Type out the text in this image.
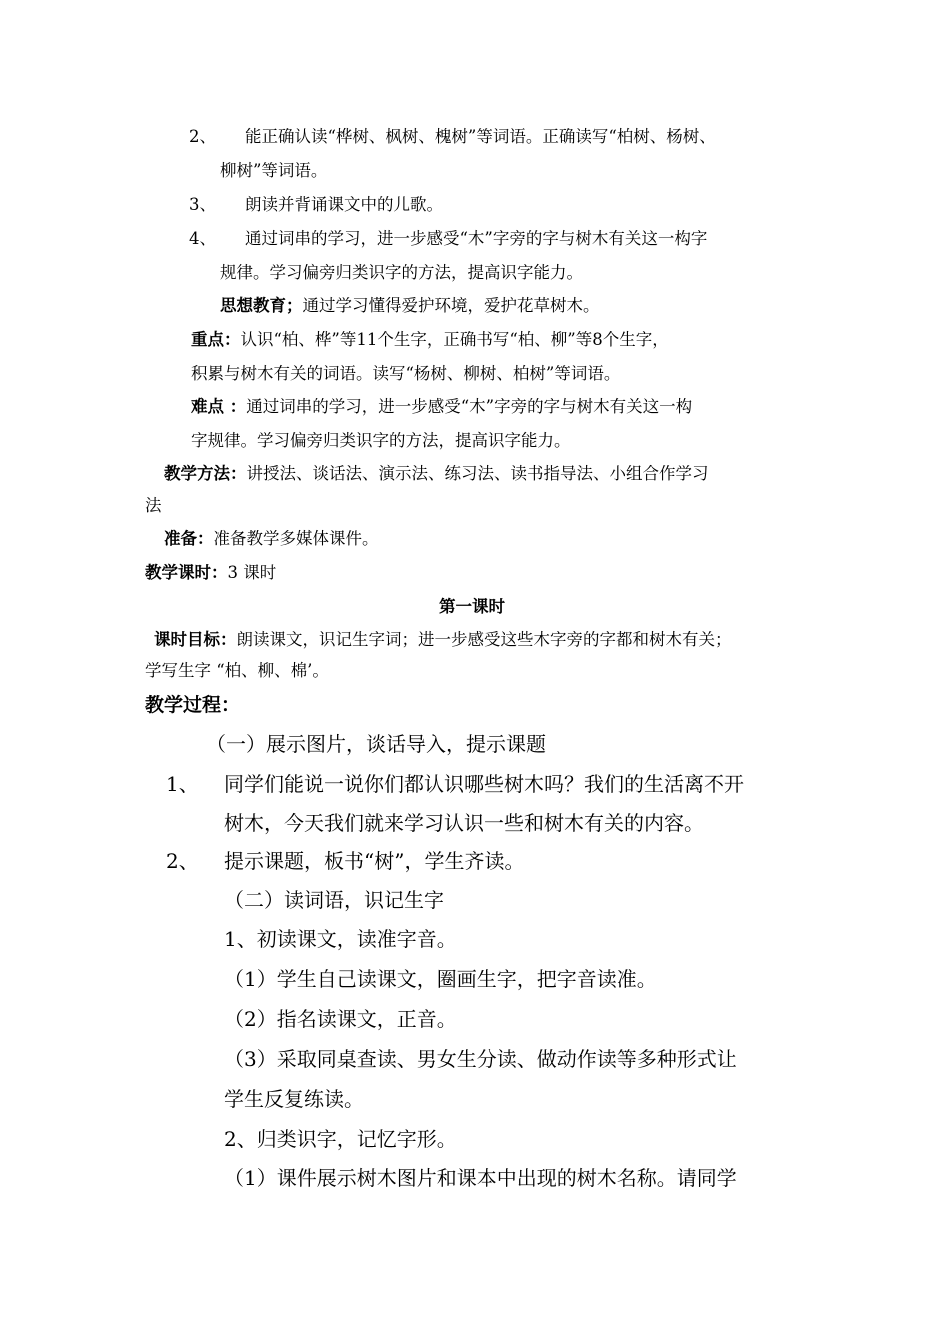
2、 能正确认读“桦树、枫树、槐树”等词语。正确读写“柏树、杨树、
柳树”等词语。
3、 朗读并背诵课文中的儿歌。
4、 通过词串的学习，进一步感受“木”字旁的字与树木有关这一构字
规律。学习偏旁归类识字的方法，提高识字能力。
思想教育；通过学习懂得爱护环境，爱护花草树木。
重点：认识“柏、桦”等11个生字，正确书写“柏、柳”等8个生字，
积累与树木有关的词语。读写“杨树、柳树、柏树”等词语。
难点 ：通过词串的学习，进一步感受“木”字旁的字与树木有关这一构
字规律。学习偏旁归类识字的方法，提高识字能力。
教学方法：讲授法、谈话法、演示法、练习法、读书指导法、小组合作学习
法
准备：准备教学多媒体课件。
教学课时：3 课时
第一课时
课时目标：朗读课文，识记生字词；进一步感受这些木字旁的字都和树木有关；
学写生字 “柏、柳、棉’。
教学过程：
（一）展示图片，谈话导入，提示课题
1、 同学们能说一说你们都认识哪些树木吗？我们的生活离不开
树木，今天我们就来学习认识一些和树木有关的内容。
2、 提示课题，板书“树”，学生齐读。
（二）读词语，识记生字
1、初读课文，读准字音。
（1）学生自己读课文，圈画生字，把字音读准。
（2）指名读课文，正音。
（3）采取同桌查读、男女生分读、做动作读等多种形式让
学生反复练读。
2、归类识字，记忆字形。
（1）课件展示树木图片和课本中出现的树木名称。请同学
